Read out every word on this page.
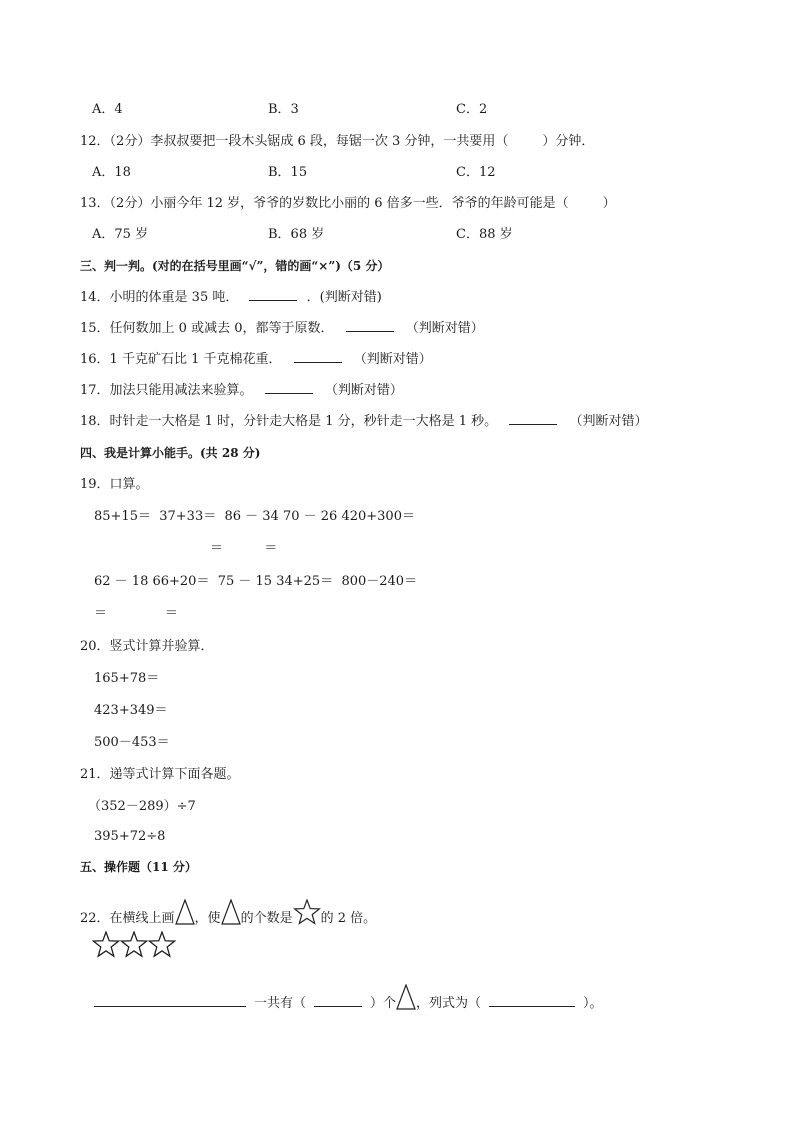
A．4	B．3	C．2
12．（2分）李叔叔要把一段木头锯成 6 段，每锯一次 3 分钟，一共要用（	）分钟．
A．18	B．15	C．12
13．（2分）小丽今年 12 岁，爷爷的岁数比小丽的 6 倍多一些．爷爷的年龄可能是（	）
A．75 岁	B．68 岁	C．88 岁
三、判一判。(对的在括号里画“√”，错的画“×”)（5 分）
14．小明的体重是 35 吨．	．(判断对错)
15．任何数加上 0 或减去 0，都等于原数．	（判断对错）
16．1 千克矿石比 1 千克棉花重．	（判断对错）
17．加法只能用减法来验算。	（判断对错）
18．时针走一大格是 1 时，分针走大格是 1 分，秒针走一大格是 1 秒。	（判断对错）
四、我是计算小能手。(共 28 分)
19．口算。
85+15＝  37+33＝  86 － 34 70 － 26 420+300＝
＝          ＝
62 － 18 66+20＝  75 － 15 34+25＝  800－240＝
＝              ＝
20．竖式计算并验算．
165+78＝
423+349＝
500－453＝
21．递等式计算下面各题。
（352－289）÷7
395+72÷8
五、操作题（11 分）
22．在横线上画 ，使 的个数是 的 2 倍。
一共有（	）个 ，列式为（	）。
